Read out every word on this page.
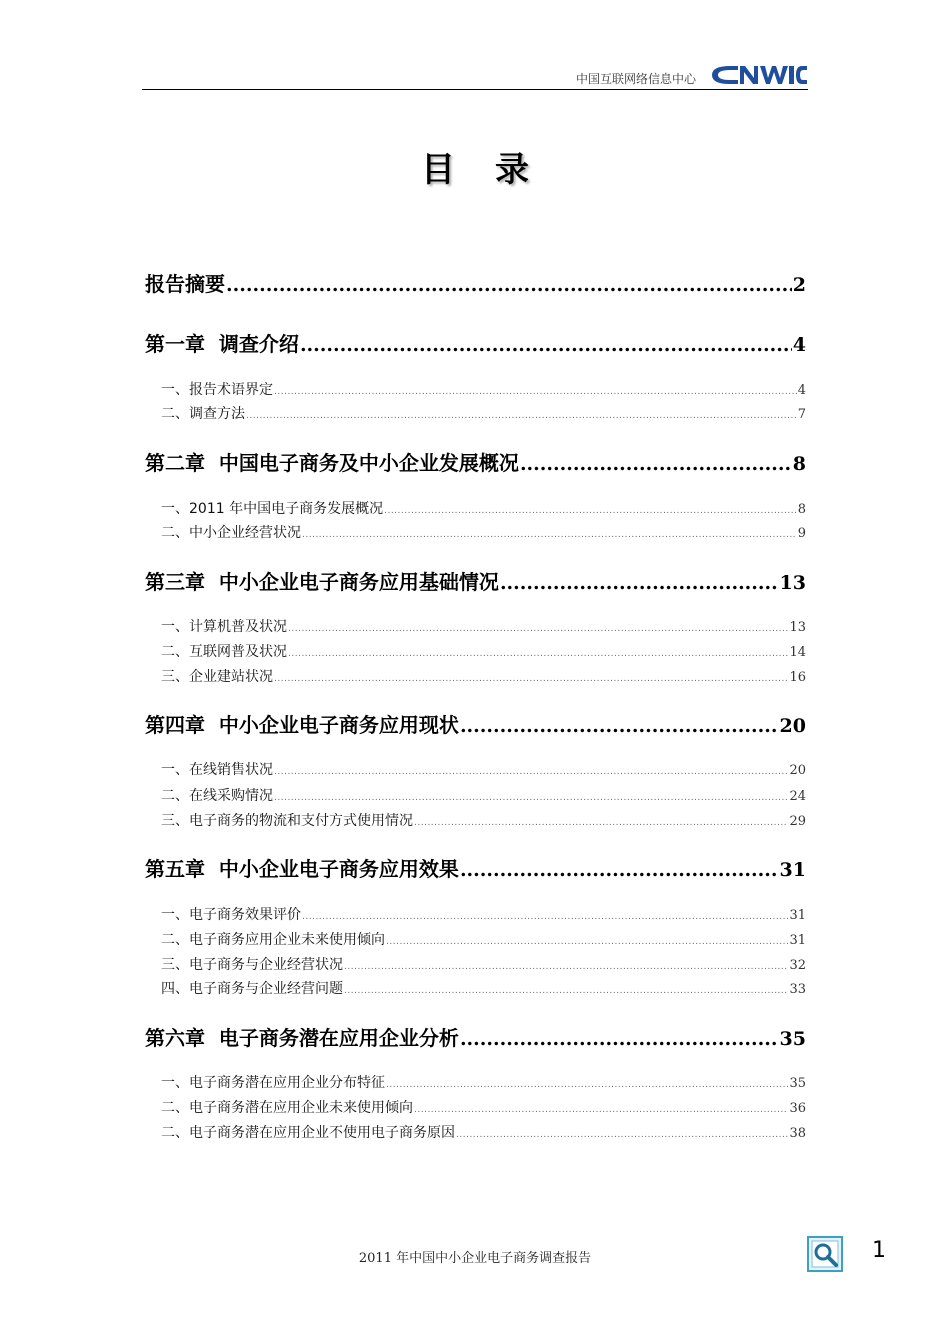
中国互联网络信息中心
目录
报告摘要 .....	2
第一章  调查介绍 .....	4
一、报告术语界定 .....	4
二、调查方法 .....	7
第二章  中国电子商务及中小企业发展概况 .....	8
一、2011 年中国电子商务发展概况 .....	8
二、中小企业经营状况 .....	9
第三章  中小企业电子商务应用基础情况 .....	13
一、计算机普及状况 .....	13
二、互联网普及状况 .....	14
三、企业建站状况 .....	16
第四章  中小企业电子商务应用现状 .....	20
一、在线销售状况 .....	20
二、在线采购情况 .....	24
三、电子商务的物流和支付方式使用情况 .....	29
第五章  中小企业电子商务应用效果 .....	31
一、电子商务效果评价 .....	31
二、电子商务应用企业未来使用倾向 .....	31
三、电子商务与企业经营状况 .....	32
四、电子商务与企业经营问题 .....	33
第六章  电子商务潜在应用企业分析 .....	35
一、电子商务潜在应用企业分布特征 .....	35
二、电子商务潜在应用企业未来使用倾向 .....	36
二、电子商务潜在应用企业不使用电子商务原因 .....	38
2011 年中国中小企业电子商务调查报告	1
